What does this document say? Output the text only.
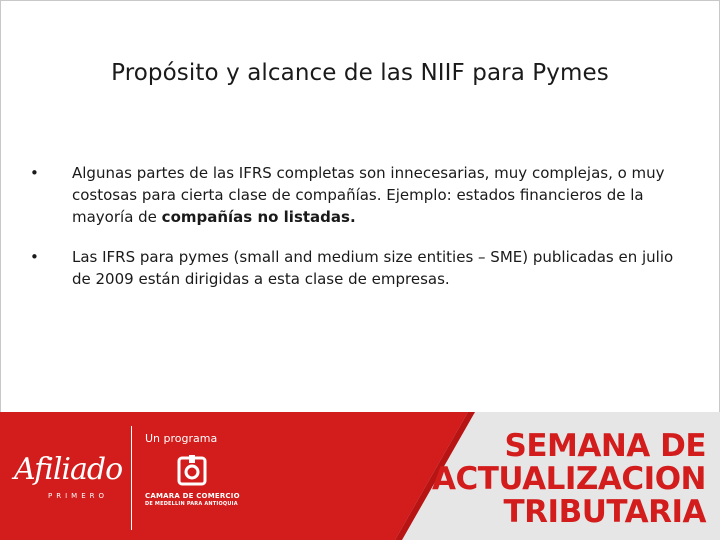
Propósito y alcance de las NIIF para Pymes
•	Algunas partes de las IFRS completas son innecesarias, muy complejas, o muy costosas para cierta clase de compañías. Ejemplo: estados financieros de la mayoría de compañías no listadas.
•	Las IFRS para pymes (small and medium size entities – SME) publicadas en julio de 2009 están dirigidas a esta clase de empresas.
Afiliado
PRIMERO
Un programa
CAMARA DE COMERCIO
DE MEDELLIN PARA ANTIOQUIA
SEMANA DE
ACTUALIZACION
TRIBUTARIA
